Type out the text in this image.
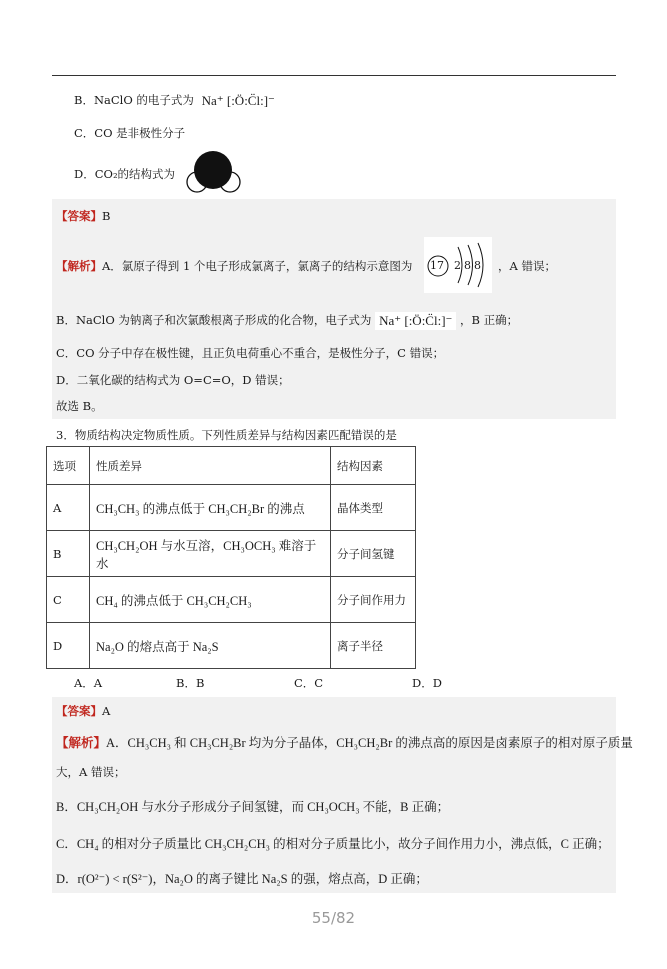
B．NaClO 的电子式为 Na⁺ [:Ö:C̈l:]⁻
C．CO 是非极性分子
D．CO₂的结构式为
【答案】B
【解析】A．氯原子得到 1 个电子形成氯离子，氯离子的结构示意图为 17 2 8 8 ，A 错误；
B．NaClO 为钠离子和次氯酸根离子形成的化合物，电子式为 Na⁺ [:Ö:C̈l:]⁻ ，B 正确；
C．CO 分子中存在极性键，且正负电荷重心不重合，是极性分子，C 错误；
D．二氧化碳的结构式为 O=C=O，D 错误；
故选 B。
3．物质结构决定物质性质。下列性质差异与结构因素匹配错误的是
选项	性质差异	结构因素
A	CH₃CH₃ 的沸点低于 CH₃CH₂Br 的沸点	晶体类型
B	CH₃CH₂OH 与水互溶，CH₃OCH₃ 难溶于水	分子间氢键
C	CH₄ 的沸点低于 CH₃CH₂CH₃	分子间作用力
D	Na₂O 的熔点高于 Na₂S	离子半径
A．A	B．B	C．C	D．D
【答案】A
【解析】A．CH₃CH₃ 和 CH₃CH₂Br 均为分子晶体，CH₃CH₂Br 的沸点高的原因是卤素原子的相对原子质量
大，A 错误；
B．CH₃CH₂OH 与水分子形成分子间氢键，而 CH₃OCH₃ 不能，B 正确；
C．CH₄ 的相对分子质量比 CH₃CH₂CH₃ 的相对分子质量比小，故分子间作用力小，沸点低，C 正确；
D．r(O²⁻) < r(S²⁻)，Na₂O 的离子键比 Na₂S 的强，熔点高，D 正确；
55/82
